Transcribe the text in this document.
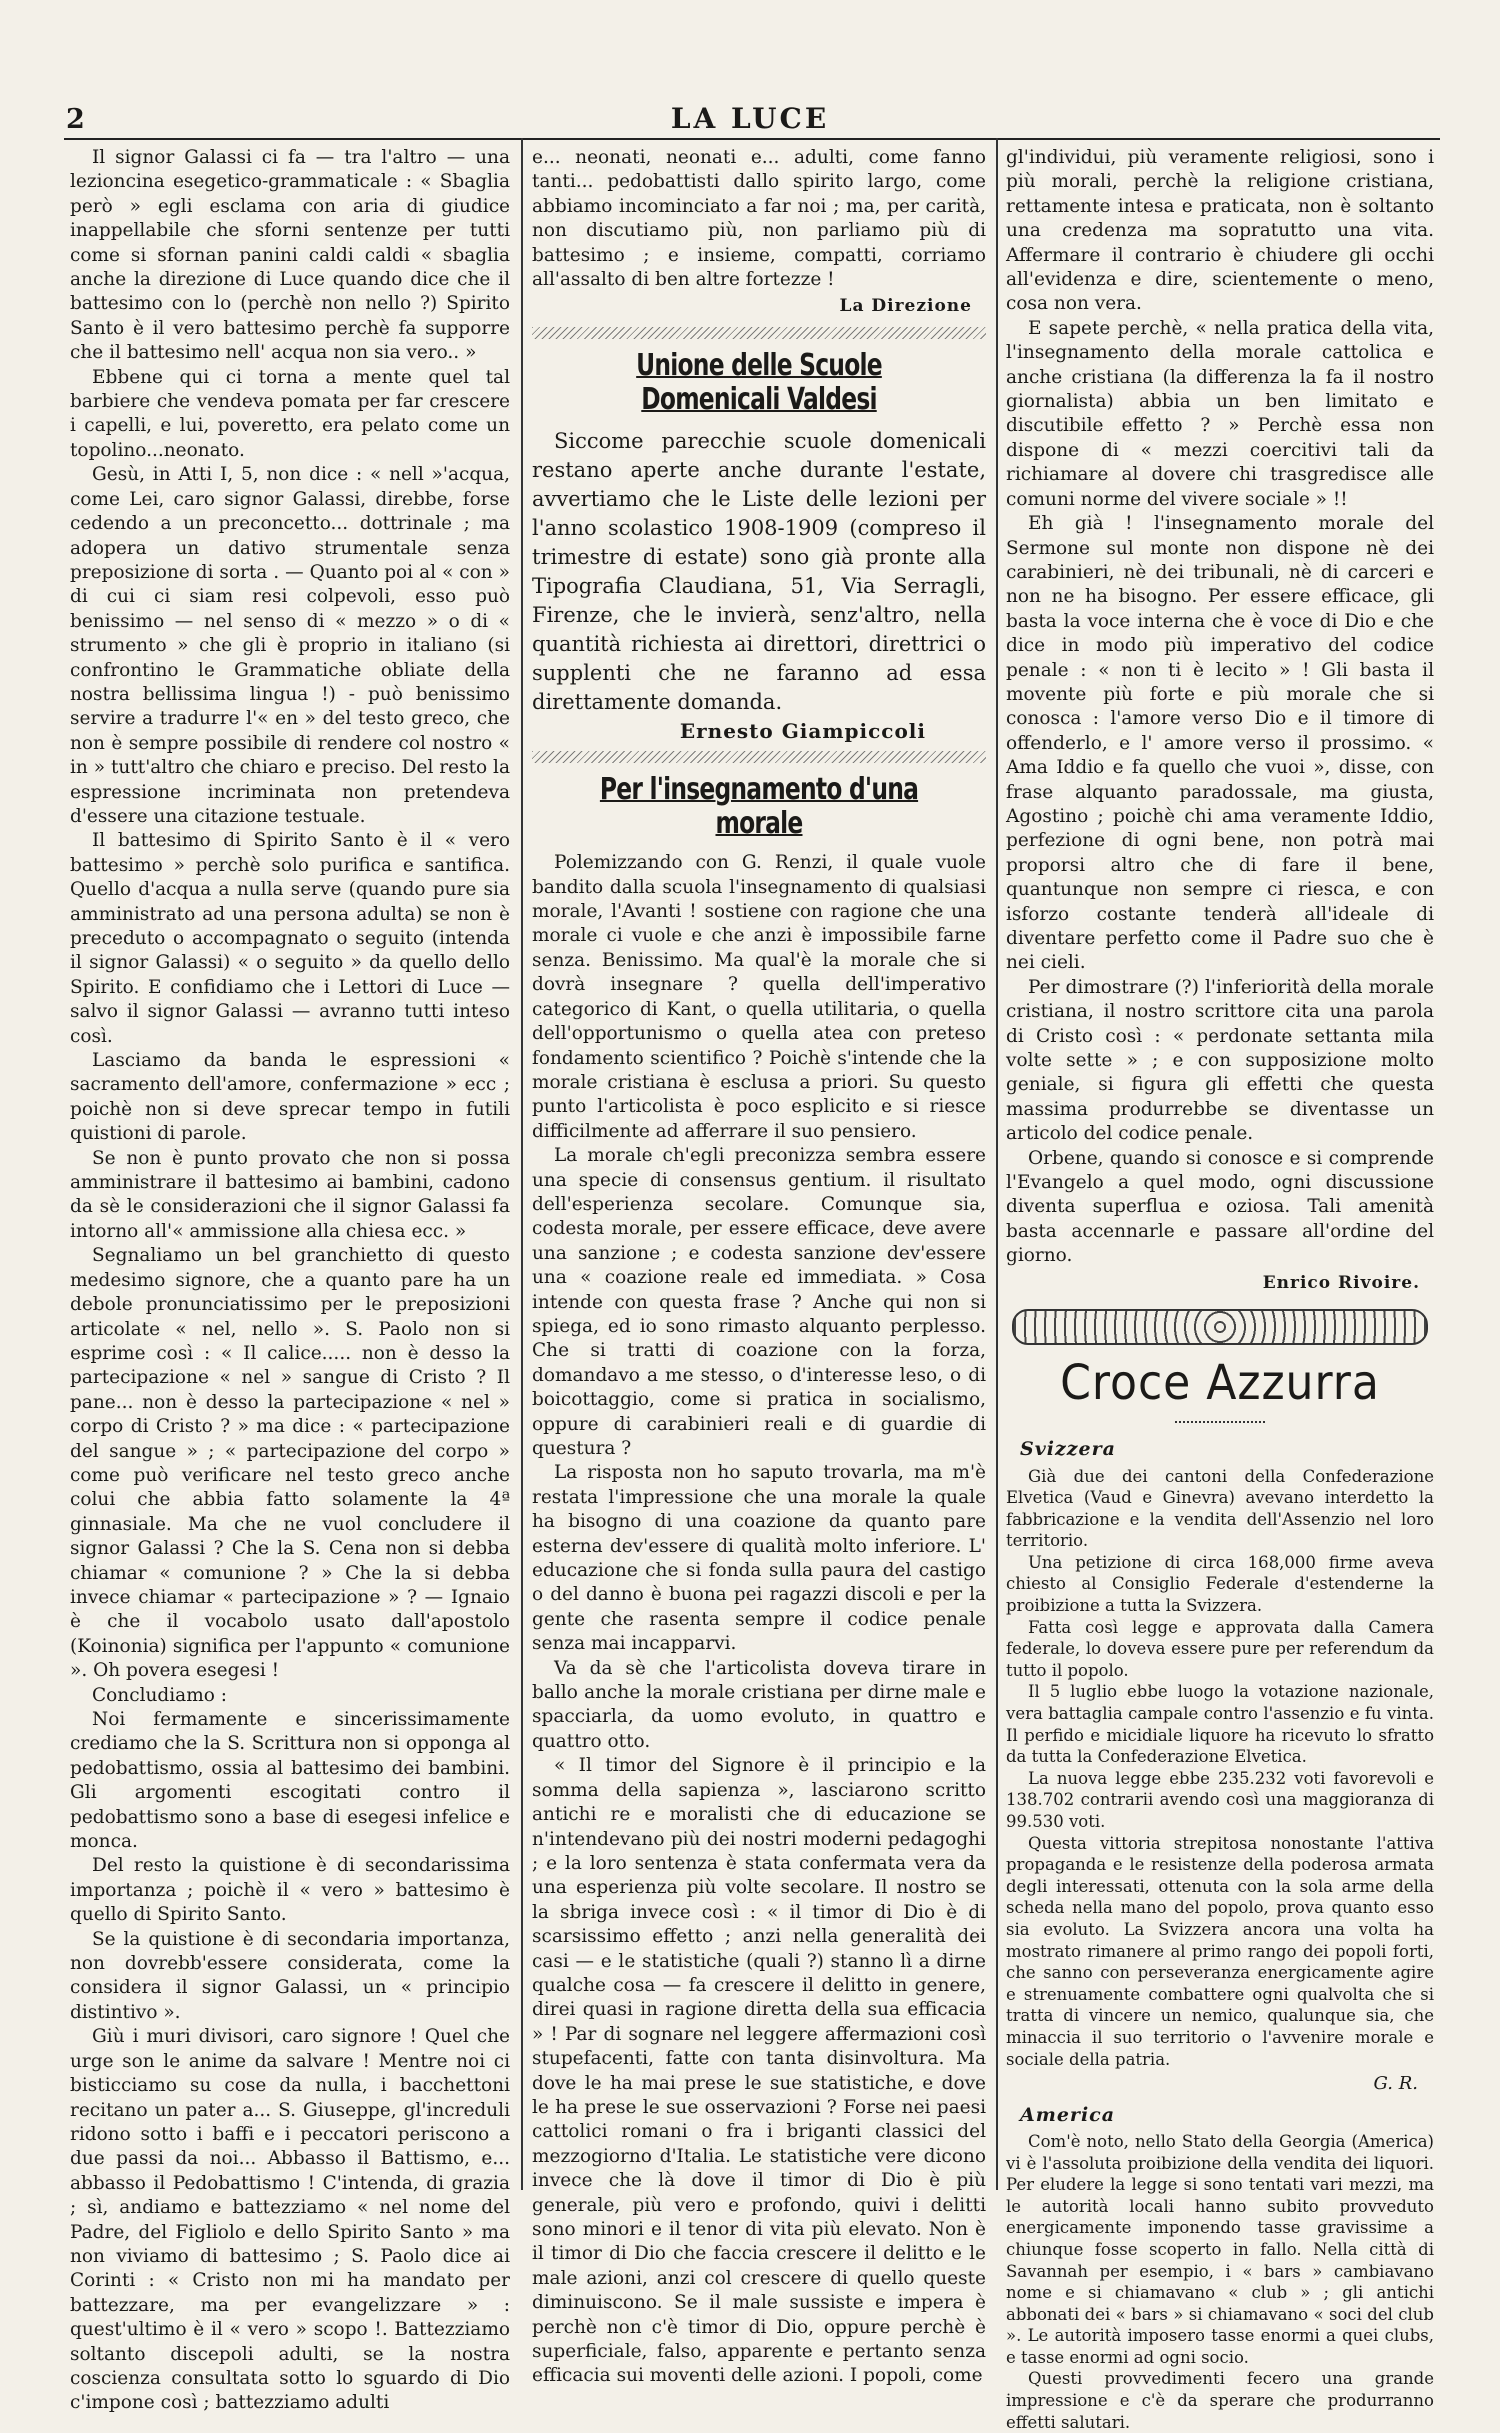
2	LA LUCE

Il signor Galassi ci fa — tra l'altro — una lezioncina esegetico-grammaticale : « Sbaglia però » egli esclama con aria di giudice inappellabile che sforni sentenze per tutti come si sfornan panini caldi caldi « sbaglia anche la direzione di Luce quando dice che il battesimo con lo (perchè non nello ?) Spirito Santo è il vero battesimo perchè fa supporre che il battesimo nell' acqua non sia vero.. »

Ebbene qui ci torna a mente quel tal barbiere che vendeva pomata per far crescere i capelli, e lui, poveretto, era pelato come un topolino...neonato.

Gesù, in Atti I, 5, non dice : « nell »'acqua, come Lei, caro signor Galassi, direbbe, forse cedendo a un preconcetto... dottrinale ; ma adopera un dativo strumentale senza preposizione di sorta . — Quanto poi al « con » di cui ci siam resi colpevoli, esso può benissimo — nel senso di « mezzo » o di « strumento » che gli è proprio in italiano (si confrontino le Grammatiche obliate della nostra bellissima lingua !) - può benissimo servire a tradurre l'« en » del testo greco, che non è sempre possibile di rendere col nostro « in » tutt'altro che chiaro e preciso. Del resto la espressione incriminata non pretendeva d'essere una citazione testuale.

Il battesimo di Spirito Santo è il « vero battesimo » perchè solo purifica e santifica. Quello d'acqua a nulla serve (quando pure sia amministrato ad una persona adulta) se non è preceduto o accompagnato o seguito (intenda il signor Galassi) « o seguito » da quello dello Spirito. E confidiamo che i Lettori di Luce — salvo il signor Galassi — avranno tutti inteso così.

Lasciamo da banda le espressioni « sacramento dell'amore, confermazione » ecc ; poichè non si deve sprecar tempo in futili quistioni di parole.

Se non è punto provato che non si possa amministrare il battesimo ai bambini, cadono da sè le considerazioni che il signor Galassi fa intorno all'« ammissione alla chiesa ecc. »

Segnaliamo un bel granchietto di questo medesimo signore, che a quanto pare ha un debole pronunciatissimo per le preposizioni articolate « nel, nello ». S. Paolo non si esprime così : « Il calice..... non è desso la partecipazione « nel » sangue di Cristo ? Il pane... non è desso la partecipazione « nel » corpo di Cristo ? » ma dice : « partecipazione del sangue » ; « partecipazione del corpo » come può verificare nel testo greco anche colui che abbia fatto solamente la 4ª ginnasiale. Ma che ne vuol concludere il signor Galassi ? Che la S. Cena non si debba chiamar « comunione ? » Che la si debba invece chiamar « partecipazione » ? — Ignaio è che il vocabolo usato dall'apostolo (Koinonia) significa per l'appunto « comunione ». Oh povera esegesi !

Concludiamo :

Noi fermamente e sincerissimamente crediamo che la S. Scrittura non si opponga al pedobattismo, ossia al battesimo dei bambini. Gli argomenti escogitati contro il pedobattismo sono a base di esegesi infelice e monca.

Del resto la quistione è di secondarissima importanza ; poichè il « vero » battesimo è quello di Spirito Santo.

Se la quistione è di secondaria importanza, non dovrebb'essere considerata, come la considera il signor Galassi, un « principio distintivo ».

Giù i muri divisori, caro signore ! Quel che urge son le anime da salvare ! Mentre noi ci bisticciamo su cose da nulla, i bacchettoni recitano un pater a... S. Giuseppe, gl'increduli ridono sotto i baffi e i peccatori periscono a due passi da noi... Abbasso il Battismo, e... abbasso il Pedobattismo ! C'intenda, di grazia ; sì, andiamo e battezziamo « nel nome del Padre, del Figliolo e dello Spirito Santo » ma non viviamo di battesimo ; S. Paolo dice ai Corinti : « Cristo non mi ha mandato per battezzare, ma per evangelizzare » : quest'ultimo è il « vero » scopo !. Battezziamo soltanto discepoli adulti, se la nostra coscienza consultata sotto lo sguardo di Dio c'impone così ; battezziamo adulti

e... neonati, neonati e... adulti, come fanno tanti... pedobattisti dallo spirito largo, come abbiamo incominciato a far noi ; ma, per carità, non discutiamo più, non parliamo più di battesimo ; e insieme, compatti, corriamo all'assalto di ben altre fortezze !

La Direzione
Unione delle Scuole Domenicali Valdesi

Siccome parecchie scuole domenicali restano aperte anche durante l'estate, avvertiamo che le Liste delle lezioni per l'anno scolastico 1908-1909 (compreso il trimestre di estate) sono già pronte alla Tipografia Claudiana, 51, Via Serragli, Firenze, che le invierà, senz'altro, nella quantità richiesta ai direttori, direttrici o supplenti che ne faranno ad essa direttamente domanda.

Ernesto Giampiccoli
Per l'insegnamento d'una morale

Polemizzando con G. Renzi, il quale vuole bandito dalla scuola l'insegnamento di qualsiasi morale, l'Avanti ! sostiene con ragione che una morale ci vuole e che anzi è impossibile farne senza. Benissimo. Ma qual'è la morale che si dovrà insegnare ? quella dell'imperativo categorico di Kant, o quella utilitaria, o quella dell'opportunismo o quella atea con preteso fondamento scientifico ? Poichè s'intende che la morale cristiana è esclusa a priori. Su questo punto l'articolista è poco esplicito e si riesce difficilmente ad afferrare il suo pensiero.

La morale ch'egli preconizza sembra essere una specie di consensus gentium. il risultato dell'esperienza secolare. Comunque sia, codesta morale, per essere efficace, deve avere una sanzione ; e codesta sanzione dev'essere una « coazione reale ed immediata. » Cosa intende con questa frase ? Anche qui non si spiega, ed io sono rimasto alquanto perplesso. Che si tratti di coazione con la forza, domandavo a me stesso, o d'interesse leso, o di boicottaggio, come si pratica in socialismo, oppure di carabinieri reali e di guardie di questura ?

La risposta non ho saputo trovarla, ma m'è restata l'impressione che una morale la quale ha bisogno di una coazione da quanto pare esterna dev'essere di qualità molto inferiore. L' educazione che si fonda sulla paura del castigo o del danno è buona pei ragazzi discoli e per la gente che rasenta sempre il codice penale senza mai incapparvi.

Va da sè che l'articolista doveva tirare in ballo anche la morale cristiana per dirne male e spacciarla, da uomo evoluto, in quattro e quattro otto.

« Il timor del Signore è il principio e la somma della sapienza », lasciarono scritto antichi re e moralisti che di educazione se n'intendevano più dei nostri moderni pedagoghi ; e la loro sentenza è stata confermata vera da una esperienza più volte secolare. Il nostro se la sbriga invece così : « il timor di Dio è di scarsissimo effetto ; anzi nella generalità dei casi — e le statistiche (quali ?) stanno lì a dirne qualche cosa — fa crescere il delitto in genere, direi quasi in ragione diretta della sua efficacia » ! Par di sognare nel leggere affermazioni così stupefacenti, fatte con tanta disinvoltura. Ma dove le ha mai prese le sue statistiche, e dove le ha prese le sue osservazioni ? Forse nei paesi cattolici romani o fra i briganti classici del mezzogiorno d'Italia. Le statistiche vere dicono invece che là dove il timor di Dio è più generale, più vero e profondo, quivi i delitti sono minori e il tenor di vita più elevato. Non è il timor di Dio che faccia crescere il delitto e le male azioni, anzi col crescere di quello queste diminuiscono. Se il male sussiste e impera è perchè non c'è timor di Dio, oppure perchè è superficiale, falso, apparente e pertanto senza efficacia sui moventi delle azioni. I popoli, come

gl'individui, più veramente religiosi, sono i più morali, perchè la religione cristiana, rettamente intesa e praticata, non è soltanto una credenza ma sopratutto una vita. Affermare il contrario è chiudere gli occhi all'evidenza e dire, scientemente o meno, cosa non vera.

E sapete perchè, « nella pratica della vita, l'insegnamento della morale cattolica e anche cristiana (la differenza la fa il nostro giornalista) abbia un ben limitato e discutibile effetto ? » Perchè essa non dispone di « mezzi coercitivi tali da richiamare al dovere chi trasgredisce alle comuni norme del vivere sociale » !!

Eh già ! l'insegnamento morale del Sermone sul monte non dispone nè dei carabinieri, nè dei tribunali, nè di carceri e non ne ha bisogno. Per essere efficace, gli basta la voce interna che è voce di Dio e che dice in modo più imperativo del codice penale : « non ti è lecito » ! Gli basta il movente più forte e più morale che si conosca : l'amore verso Dio e il timore di offenderlo, e l' amore verso il prossimo. « Ama Iddio e fa quello che vuoi », disse, con frase alquanto paradossale, ma giusta, Agostino ; poichè chi ama veramente Iddio, perfezione di ogni bene, non potrà mai proporsi altro che di fare il bene, quantunque non sempre ci riesca, e con isforzo costante tenderà all'ideale di diventare perfetto come il Padre suo che è nei cieli.

Per dimostrare (?) l'inferiorità della morale cristiana, il nostro scrittore cita una parola di Cristo così : « perdonate settanta mila volte sette » ; e con supposizione molto geniale, si figura gli effetti che questa massima produrrebbe se diventasse un articolo del codice penale.

Orbene, quando si conosce e si comprende l'Evangelo a quel modo, ogni discussione diventa superflua e oziosa. Tali amenità basta accennarle e passare all'ordine del giorno.

Enrico Rivoire.
Croce Azzurra
Svizzera

Già due dei cantoni della Confederazione Elvetica (Vaud e Ginevra) avevano interdetto la fabbricazione e la vendita dell'Assenzio nel loro territorio.

Una petizione di circa 168,000 firme aveva chiesto al Consiglio Federale d'estenderne la proibizione a tutta la Svizzera.

Fatta così legge e approvata dalla Camera federale, lo doveva essere pure per referendum da tutto il popolo.

Il 5 luglio ebbe luogo la votazione nazionale, vera battaglia campale contro l'assenzio e fu vinta. Il perfido e micidiale liquore ha ricevuto lo sfratto da tutta la Confederazione Elvetica.

La nuova legge ebbe 235.232 voti favorevoli e 138.702 contrarii avendo così una maggioranza di 99.530 voti.

Questa vittoria strepitosa nonostante l'attiva propaganda e le resistenze della poderosa armata degli interessati, ottenuta con la sola arme della scheda nella mano del popolo, prova quanto esso sia evoluto. La Svizzera ancora una volta ha mostrato rimanere al primo rango dei popoli forti, che sanno con perseveranza energicamente agire e strenuamente combattere ogni qualvolta che si tratta di vincere un nemico, qualunque sia, che minaccia il suo territorio o l'avvenire morale e sociale della patria.

G. R.
America

Com'è noto, nello Stato della Georgia (America) vi è l'assoluta proibizione della vendita dei liquori. Per eludere la legge si sono tentati vari mezzi, ma le autorità locali hanno subito provveduto energicamente imponendo tasse gravissime a chiunque fosse scoperto in fallo. Nella città di Savannah per esempio, i « bars » cambiavano nome e si chiamavano « club » ; gli antichi abbonati dei « bars » si chiamavano « soci del club ». Le autorità imposero tasse enormi a quei clubs, e tasse enormi ad ogni socio.

Questi provvedimenti fecero una grande impressione e c'è da sperare che produrranno effetti salutari.
